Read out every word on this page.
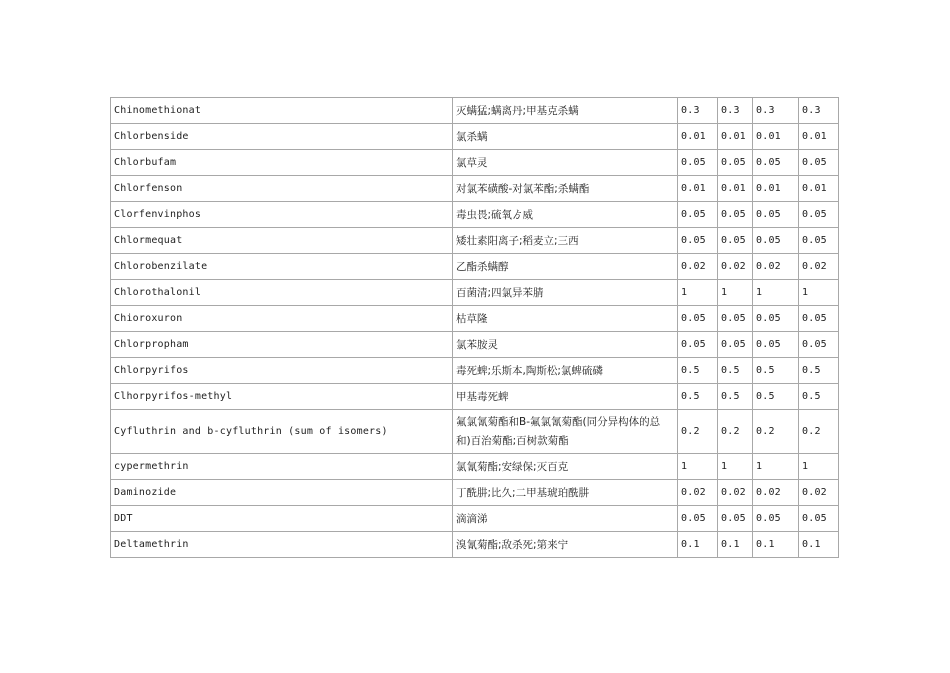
Chinomethionat	灭螨猛;螨离丹;甲基克杀螨	0.3	0.3	0.3	0.3
Chlorbenside	氯杀螨	0.01	0.01	0.01	0.01
Chlorbufam	氯草灵	0.05	0.05	0.05	0.05
Chlorfenson	对氯苯磺酸-对氯苯酯;杀螨酯	0.01	0.01	0.01	0.01
Clorfenvinphos	毒虫畏;硫氧ゟ威	0.05	0.05	0.05	0.05
Chlormequat	矮壮素阳离子;稻麦立;三西	0.05	0.05	0.05	0.05
Chlorobenzilate	乙酯杀螨醇	0.02	0.02	0.02	0.02
Chlorothalonil	百菌清;四氯异苯腈	1	1	1	1
Chioroxuron	枯草隆	0.05	0.05	0.05	0.05
Chlorpropham	氯苯胺灵	0.05	0.05	0.05	0.05
Chlorpyrifos	毒死蜱;乐斯本,陶斯松;氯蜱硫磷	0.5	0.5	0.5	0.5
Clhorpyrifos-methyl	甲基毒死蜱	0.5	0.5	0.5	0.5
Cyfluthrin and b-cyfluthrin (sum of isomers)	氟氯氰菊酯和B-氟氯氰菊酯(同分异构体的总和)百治菊酯;百树款菊酯	0.2	0.2	0.2	0.2
cypermethrin	氯氰菊酯;安绿保;灭百克	1	1	1	1
Daminozide	丁酰肼;比久;二甲基琥珀酰肼	0.02	0.02	0.02	0.02
DDT	滴滴涕	0.05	0.05	0.05	0.05
Deltamethrin	溴氰菊酯;敌杀死;第来宁	0.1	0.1	0.1	0.1
